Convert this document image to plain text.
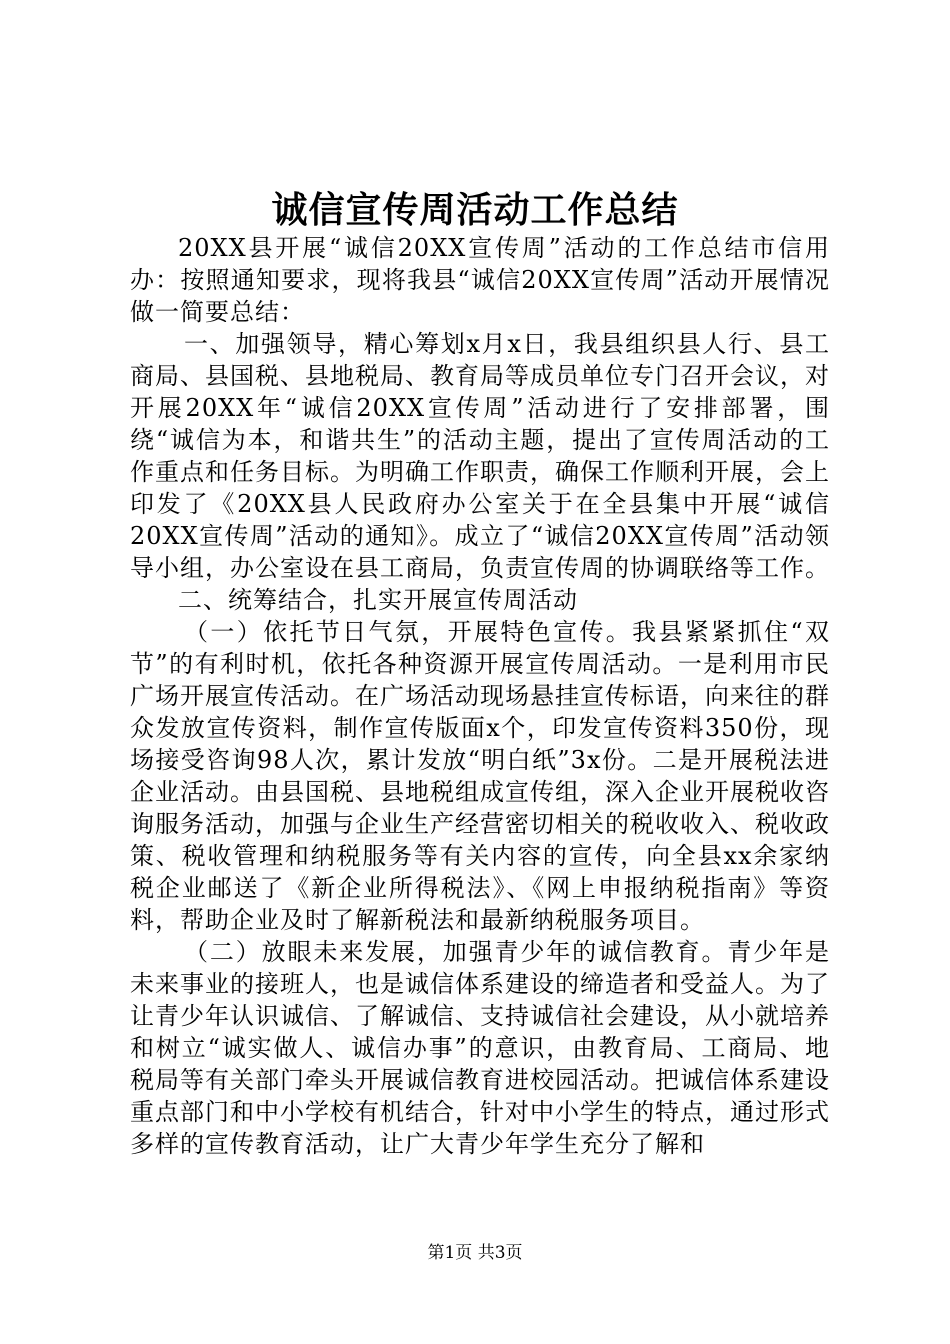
诚信宣传周活动工作总结

20XX县开展“诚信20XX宣传周”活动的工作总结市信用办：按照通知要求，现将我县“诚信20XX宣传周”活动开展情况做一简要总结：

一、加强领导，精心筹划x月x日，我县组织县人行、县工商局、县国税、县地税局、教育局等成员单位专门召开会议，对开展20XX年“诚信20XX宣传周”活动进行了安排部署，围绕“诚信为本，和谐共生”的活动主题，提出了宣传周活动的工作重点和任务目标。为明确工作职责，确保工作顺利开展，会上印发了《20XX县人民政府办公室关于在全县集中开展“诚信20XX宣传周”活动的通知》。成立了“诚信20XX宣传周”活动领导小组，办公室设在县工商局，负责宣传周的协调联络等工作。

二、统筹结合，扎实开展宣传周活动

（一）依托节日气氛，开展特色宣传。我县紧紧抓住“双节”的有利时机，依托各种资源开展宣传周活动。一是利用市民广场开展宣传活动。在广场活动现场悬挂宣传标语，向来往的群众发放宣传资料，制作宣传版面x个，印发宣传资料350份，现场接受咨询98人次，累计发放“明白纸”3x份。二是开展税法进企业活动。由县国税、县地税组成宣传组，深入企业开展税收咨询服务活动，加强与企业生产经营密切相关的税收收入、税收政策、税收管理和纳税服务等有关内容的宣传，向全县xx余家纳税企业邮送了《新企业所得税法》、《网上申报纳税指南》等资料，帮助企业及时了解新税法和最新纳税服务项目。

（二）放眼未来发展，加强青少年的诚信教育。青少年是未来事业的接班人，也是诚信体系建设的缔造者和受益人。为了让青少年认识诚信、了解诚信、支持诚信社会建设，从小就培养和树立“诚实做人、诚信办事”的意识，由教育局、工商局、地税局等有关部门牵头开展诚信教育进校园活动。把诚信体系建设重点部门和中小学校有机结合，针对中小学生的特点，通过形式多样的宣传教育活动，让广大青少年学生充分了解和

第1页 共3页
